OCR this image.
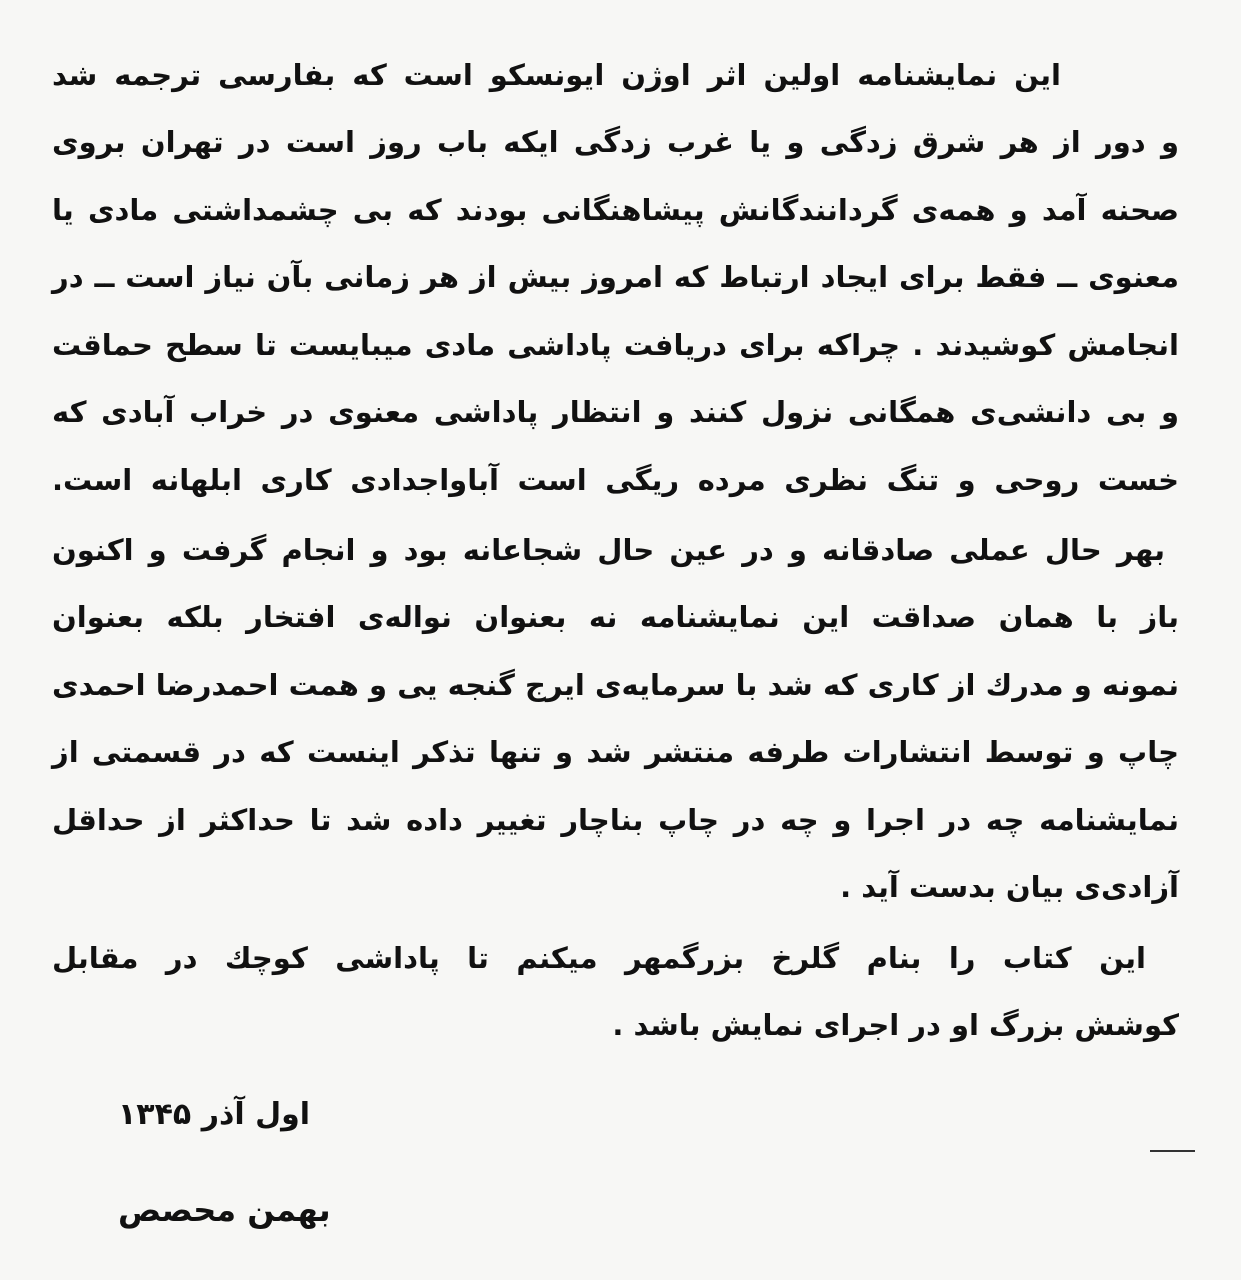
این نمایشنامه اولین اثر اوژن ایونسکو است که بفارسی ترجمه شد
و دور از هر شرق زدگی و یا غرب زدگی ایکه باب روز است در تهران بروی
صحنه آمد و همه‌ی گردانندگانش پیشاهنگانی بودند که بی چشمداشتی مادی یا
معنوی ــ فقط برای ایجاد ارتباط که امروز بیش از هر زمانی بآن نیاز است ــ در
انجامش کوشیدند . چراکه برای دریافت پاداشی مادی میبایست تا سطح حماقت
و بی دانشی‌ی همگانی نزول کنند و انتظار پاداشی معنوی در خراب آبادی که
خست روحی و تنگ نظری مرده ریگی است آباواجدادی کاری ابلهانه است.
بهر حال عملی صادقانه و در عین حال شجاعانه بود و انجام گرفت و اکنون
باز با همان صداقت این نمایشنامه نه بعنوان نواله‌ی افتخار بلکه بعنوان
نمونه و مدرك از کاری که شد با سرمایه‌ی ایرج گنجه یی و همت احمدرضا احمدی
چاپ و توسط انتشارات طرفه منتشر شد و تنها تذکر اینست که در قسمتی از
نمایشنامه چه در اجرا و چه در چاپ بناچار تغییر داده شد تا حداکثر از حداقل
آزادی‌ی بیان بدست آید .
این کتاب را بنام گلرخ بزرگمهر میکنم تا پاداشی کوچك در مقابل
کوشش بزرگ او در اجرای نمایش باشد .
اول آذر ۱۳۴۵
بهمن محصص
